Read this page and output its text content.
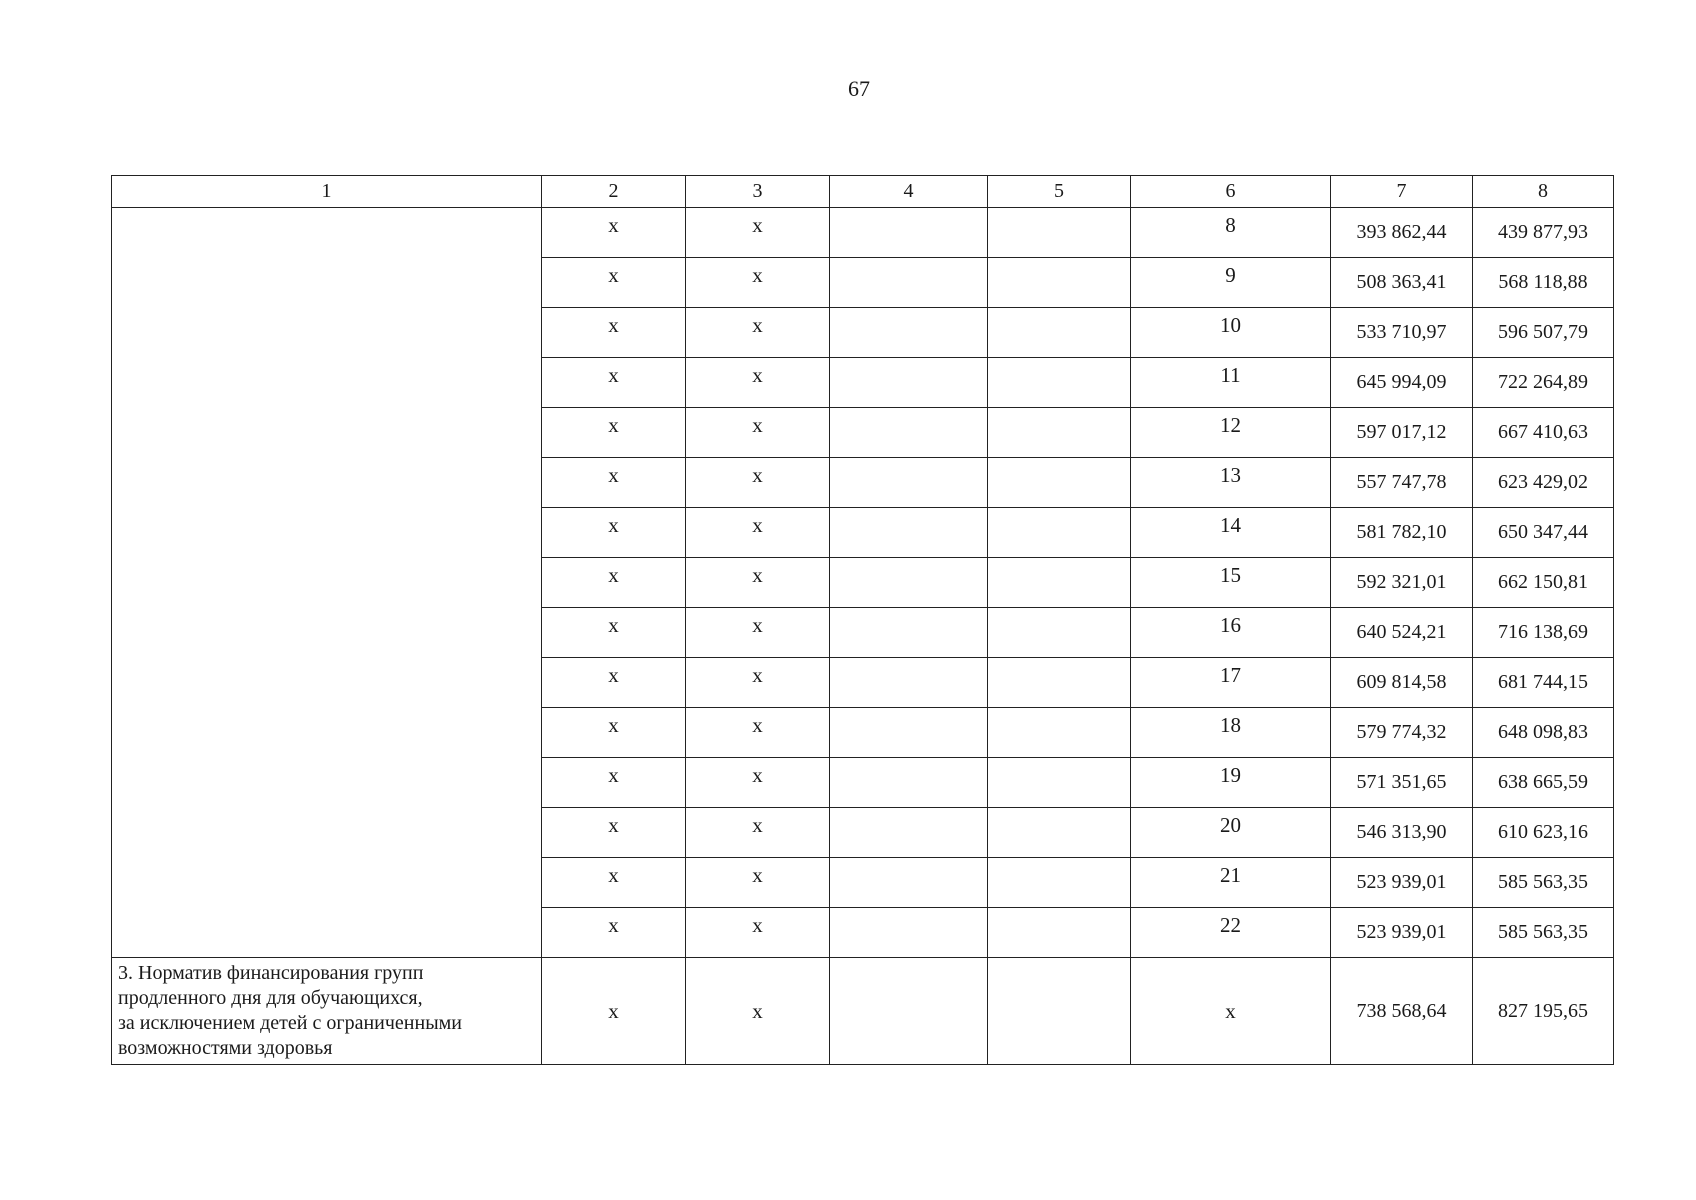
67
1	2	3	4	5	6	7	8
	x	x			8	393 862,44	439 877,93
	x	x			9	508 363,41	568 118,88
	x	x			10	533 710,97	596 507,79
	x	x			11	645 994,09	722 264,89
	x	x			12	597 017,12	667 410,63
	x	x			13	557 747,78	623 429,02
	x	x			14	581 782,10	650 347,44
	x	x			15	592 321,01	662 150,81
	x	x			16	640 524,21	716 138,69
	x	x			17	609 814,58	681 744,15
	x	x			18	579 774,32	648 098,83
	x	x			19	571 351,65	638 665,59
	x	x			20	546 313,90	610 623,16
	x	x			21	523 939,01	585 563,35
	x	x			22	523 939,01	585 563,35

3. Норматив финансирования групп
продленного дня для обучающихся,
за исключением детей с ограниченными
возможностями здоровья	x	x			x	738 568,64	827 195,65
